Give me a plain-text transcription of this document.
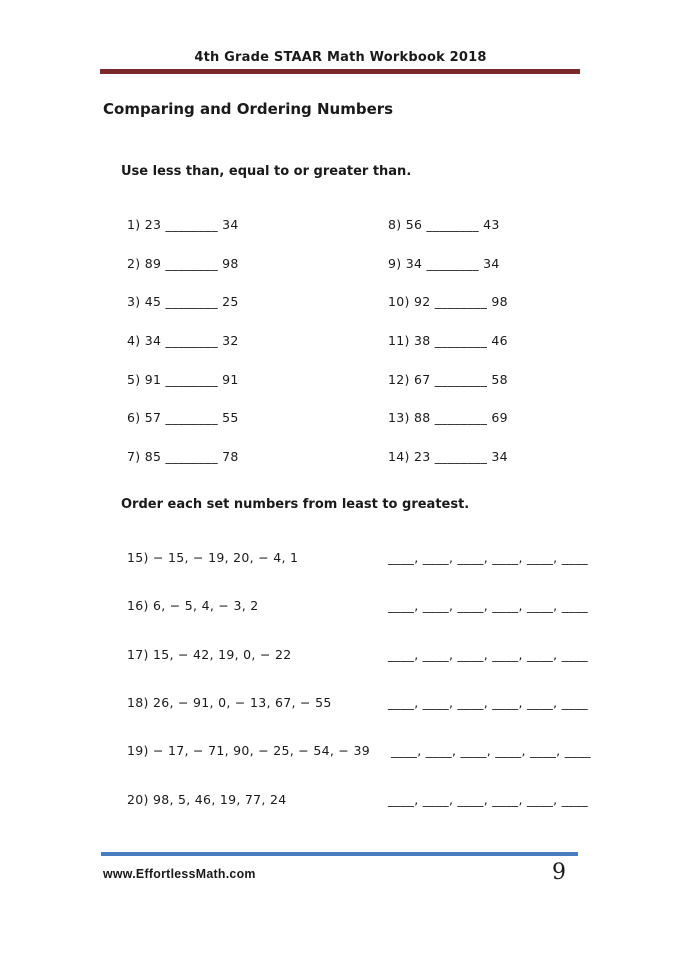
4th Grade STAAR Math Workbook 2018
Comparing and Ordering Numbers
Use less than, equal to or greater than.
1) 23 ________ 34
2) 89 ________ 98
3) 45 ________ 25
4) 34 ________ 32
5) 91 ________ 91
6) 57 ________ 55
7) 85 ________ 78
8) 56 ________ 43
9) 34 ________ 34
10) 92 ________ 98
11) 38 ________ 46
12) 67 ________ 58
13) 88 ________ 69
14) 23 ________ 34
Order each set numbers from least to greatest.
15) − 15, − 19, 20, − 4, 1
16) 6, − 5, 4, − 3, 2
17) 15, − 42, 19, 0, − 22
18) 26, − 91, 0, − 13, 67, − 55
19) − 17, − 71, 90, − 25, − 54, − 39
20) 98, 5, 46, 19, 77, 24
____, ____, ____, ____, ____, ____
____, ____, ____, ____, ____, ____
____, ____, ____, ____, ____, ____
____, ____, ____, ____, ____, ____
____, ____, ____, ____, ____, ____
____, ____, ____, ____, ____, ____
www.EffortlessMath.com	9
